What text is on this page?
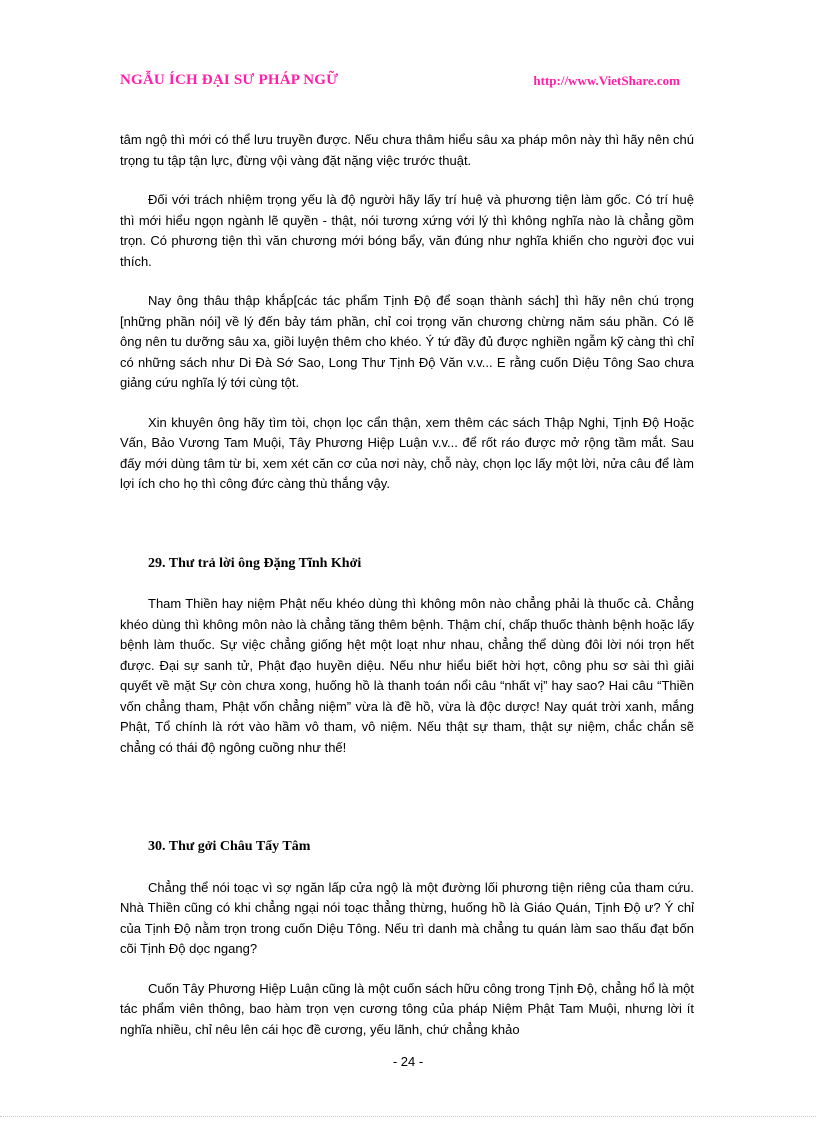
NGẪU ÍCH ĐẠI SƯ PHÁP NGỮ	http://www.VietShare.com

tâm ngộ thì mới có thể lưu truyền được. Nếu chưa thâm hiểu sâu xa pháp môn này thì hãy nên chú trọng tu tập tận lực, đừng vội vàng đặt nặng việc trước thuật.

Đối với trách nhiệm trọng yếu là độ người hãy lấy trí huệ và phương tiện làm gốc. Có trí huệ thì mới hiểu ngọn ngành lẽ quyền - thật, nói tương xứng với lý thì không nghĩa nào là chẳng gồm trọn. Có phương tiện thì văn chương mới bóng bẩy, văn đúng như nghĩa khiến cho người đọc vui thích.

Nay ông thâu thập khắp[các tác phẩm Tịnh Độ để soạn thành sách] thì hãy nên chú trọng [những phần nói] về lý đến bảy tám phần, chỉ coi trọng văn chương chừng năm sáu phần. Có lẽ ông nên tu dưỡng sâu xa, giồi luyện thêm cho khéo. Ý tứ đầy đủ được nghiền ngẫm kỹ càng thì chỉ có những sách như Di Đà Sớ Sao, Long Thư Tịnh Độ Văn v.v... E rằng cuốn Diệu Tông Sao chưa giảng cứu nghĩa lý tới cùng tột.

Xin khuyên ông hãy tìm tòi, chọn lọc cẩn thận, xem thêm các sách Thập Nghi, Tịnh Độ Hoặc Vấn, Bảo Vương Tam Muội, Tây Phương Hiệp Luận v.v... để rốt ráo được mở rộng tầm mắt. Sau đấy mới dùng tâm từ bi, xem xét căn cơ của nơi này, chỗ này, chọn lọc lấy một lời, nửa câu để làm lợi ích cho họ thì công đức càng thù thắng vậy.

29. Thư trả lời ông Đặng Tĩnh Khởi

Tham Thiền hay niệm Phật nếu khéo dùng thì không môn nào chẳng phải là thuốc cả. Chẳng khéo dùng thì không môn nào là chẳng tăng thêm bệnh. Thậm chí, chấp thuốc thành bệnh hoặc lấy bệnh làm thuốc. Sự việc chẳng giống hệt một loạt như nhau, chẳng thể dùng đôi lời nói trọn hết được. Đại sự sanh tử, Phật đạo huyền diệu. Nếu như hiểu biết hời hợt, công phu sơ sài thì giải quyết về mặt Sự còn chưa xong, huống hồ là thanh toán nổi câu “nhất vị” hay sao? Hai câu “Thiền vốn chẳng tham, Phật vốn chẳng niệm” vừa là đề hồ, vừa là độc dược! Nay quát trời xanh, mắng Phật, Tổ chính là rớt vào hầm vô tham, vô niệm. Nếu thật sự tham, thật sự niệm, chắc chắn sẽ chẳng có thái độ ngông cuồng như thế!

30. Thư gởi Châu Tẩy Tâm

Chẳng thể nói toạc vì sợ ngăn lấp cửa ngộ là một đường lối phương tiện riêng của tham cứu. Nhà Thiền cũng có khi chẳng ngại nói toạc thẳng thừng, huống hồ là Giáo Quán, Tịnh Độ ư? Ý chỉ của Tịnh Độ nằm trọn trong cuốn Diệu Tông. Nếu trì danh mà chẳng tu quán làm sao thấu đạt bốn cõi Tịnh Độ dọc ngang?

Cuốn Tây Phương Hiệp Luận cũng là một cuốn sách hữu công trong Tịnh Độ, chẳng hổ là một tác phẩm viên thông, bao hàm trọn vẹn cương tông của pháp Niệm Phật Tam Muội, nhưng lời ít nghĩa nhiều, chỉ nêu lên cái học đề cương, yếu lãnh, chứ chẳng khảo

- 24 -
